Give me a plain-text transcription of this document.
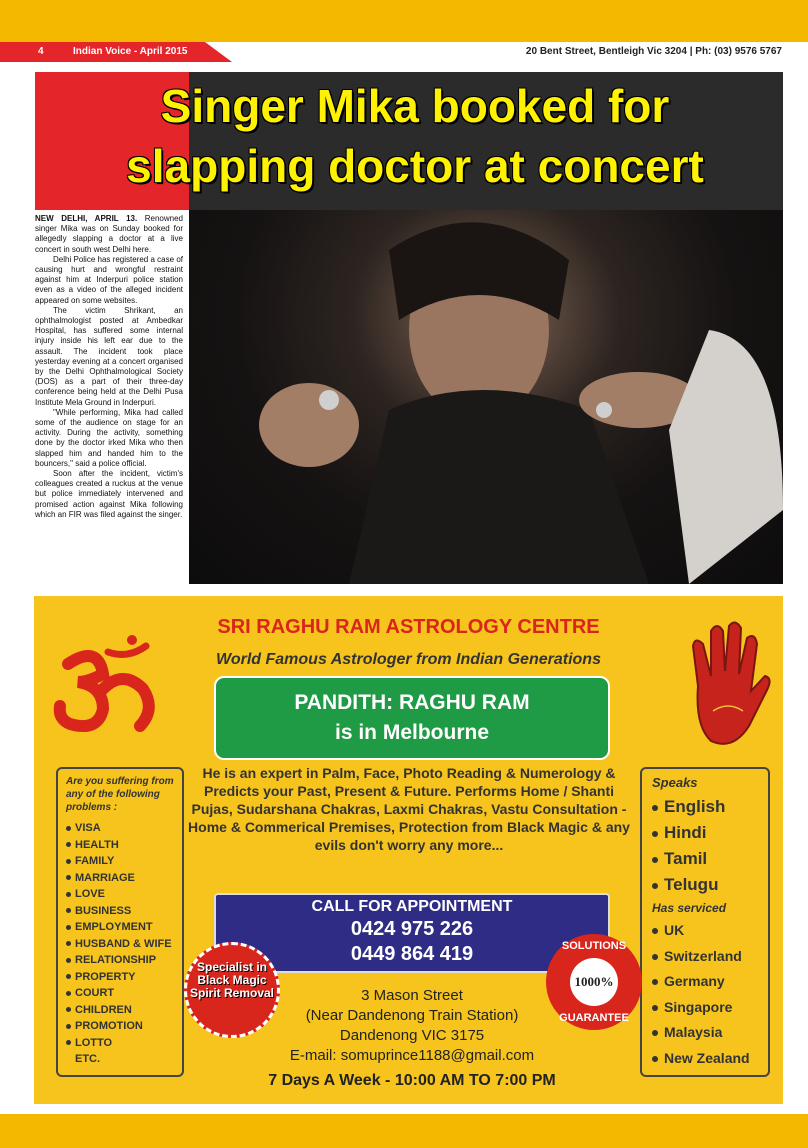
4	Indian Voice - April 2015	20 Bent Street, Bentleigh Vic 3204 | Ph: (03) 9576 5767
Singer Mika booked for
slapping doctor at concert

NEW DELHI, APRIL 13. Renowned singer Mika was on Sunday booked for allegedly slapping a doctor at a live concert in south west Delhi here.

Delhi Police has registered a case of causing hurt and wrongful restraint against him at Inderpuri police station even as a video of the alleged incident appeared on some websites.

The victim Shrikant, an ophthalmologist posted at Ambedkar Hospital, has suffered some internal injury inside his left ear due to the assault. The incident took place yesterday evening at a concert organised by the Delhi Ophthalmological Society (DOS) as a part of their three-day conference being held at the Delhi Pusa Institute Mela Ground in Inderpuri.

"While performing, Mika had called some of the audience on stage for an activity. During the activity, something done by the doctor irked Mika who then slapped him and handed him to the bouncers," said a police official.

Soon after the incident, victim's colleagues created a ruckus at the venue but police immediately intervened and promised action against Mika following which an FIR was filed against the singer.

SRI RAGHU RAM ASTROLOGY CENTRE
World Famous Astrologer from Indian Generations
PANDITH: RAGHU RAM
is in Melbourne
Are you suffering from any of the following problems :
VISA
HEALTH
FAMILY
MARRIAGE
LOVE
BUSINESS
EMPLOYMENT
HUSBAND & WIFE
RELATIONSHIP
PROPERTY
COURT
CHILDREN
PROMOTION
LOTTO
ETC.
He is an expert in Palm, Face, Photo Reading & Numerology & Predicts your Past, Present & Future. Performs Home / Shanti Pujas, Sudarshana Chakras, Laxmi Chakras, Vastu Consultation - Home & Commerical Premises, Protection from Black Magic & any evils don't worry any more...
Speaks
English
Hindi
Tamil
Telugu
Has serviced
UK
Switzerland
Germany
Singapore
Malaysia
New Zealand
CALL FOR APPOINTMENT
0424 975 226
0449 864 419
Specialist in Black Magic Spirit Removal
SOLUTIONS
1000%
GUARANTEE
3 Mason Street
(Near Dandenong Train Station)
Dandenong VIC 3175
E-mail: somuprince1188@gmail.com
7 Days A Week - 10:00 AM TO 7:00 PM
